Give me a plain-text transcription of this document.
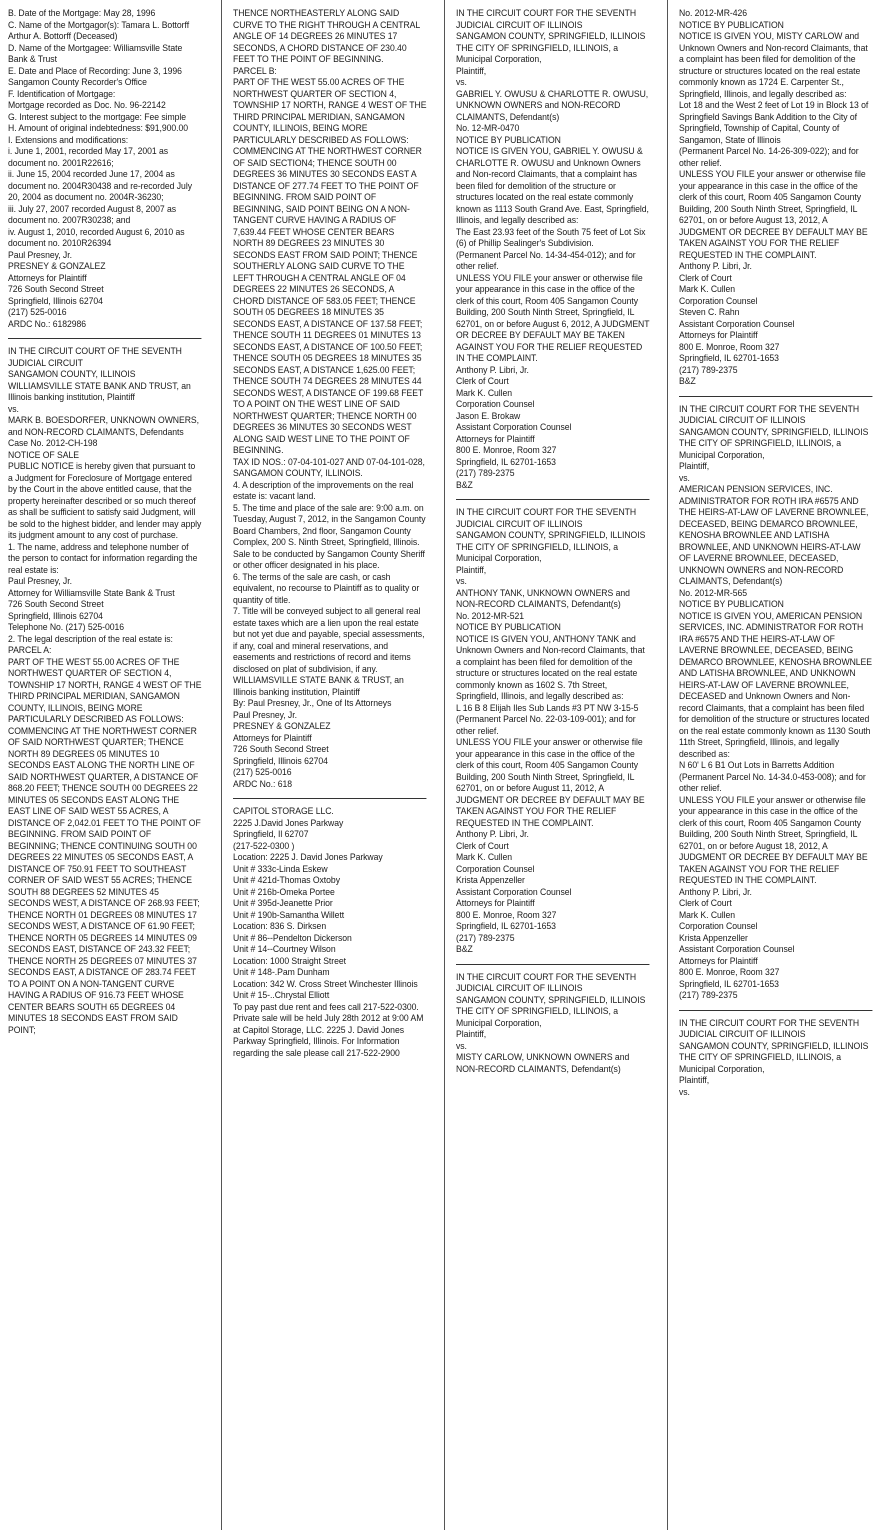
B. Date of the Mortgage: May 28, 1996
C. Name of the Mortgagor(s): Tamara L. Bottorff
Arthur A. Bottorff (Deceased)
D. Name of the Mortgagee: Williamsville State Bank & Trust
E. Date and Place of Recording: June 3, 1996
Sangamon County Recorder's Office
F. Identification of Mortgage:
Mortgage recorded as Doc. No. 96-22142
G. Interest subject to the mortgage: Fee simple
H. Amount of original indebtedness: $91,900.00
I. Extensions and modifications:
i. June 1, 2001, recorded May 17, 2001 as document no. 2001R22616;
ii. June 15, 2004 recorded June 17, 2004 as document no. 2004R30438 and re-recorded July 20, 2004 as document no. 2004R-36230;
iii. July 27, 2007 recorded August 8, 2007 as document no. 2007R30238; and
iv. August 1, 2010, recorded August 6, 2010 as document no. 2010R26394
Paul Presney, Jr.
PRESNEY & GONZALEZ
Attorneys for Plaintiff
726 South Second Street
Springfield, Illinois 62704
(217) 525-0016
ARDC No.: 6182986

IN THE CIRCUIT COURT OF THE SEVENTH JUDICIAL CIRCUIT
SANGAMON COUNTY, ILLINOIS
WILLIAMSVILLE STATE BANK AND TRUST, an Illinois banking institution, Plaintiff
vs.
MARK B. BOESDORFER, UNKNOWN OWNERS, and NON-RECORD CLAIMANTS, Defendants
Case No. 2012-CH-198
NOTICE OF SALE
PUBLIC NOTICE is hereby given that pursuant to a Judgment for Foreclosure of Mortgage entered by the Court in the above entitled cause, that the property hereinafter described or so much thereof as shall be sufficient to satisfy said Judgment, will be sold to the highest bidder, and lender may apply its judgment amount to any cost of purchase.
1. The name, address and telephone number of the person to contact for information regarding the real estate is:
Paul Presney, Jr.
Attorney for Williamsville State Bank & Trust
726 South Second Street
Springfield, Illinois 62704
Telephone No. (217) 525-0016
2. The legal description of the real estate is:
PARCEL A:
PART OF THE WEST 55.00 ACRES OF THE NORTHWEST QUARTER OF SECTION 4, TOWNSHIP 17 NORTH, RANGE 4 WEST OF THE THIRD PRINCIPAL MERIDIAN, SANGAMON COUNTY, ILLINOIS, BEING MORE PARTICULARLY DESCRIBED AS FOLLOWS:
COMMENCING AT THE NORTHWEST CORNER OF SAID NORTHWEST QUARTER; THENCE NORTH 89 DEGREES 05 MINUTES 10 SECONDS EAST ALONG THE NORTH LINE OF SAID NORTHWEST QUARTER, A DISTANCE OF 868.20 FEET; THENCE SOUTH 00 DEGREES 22 MINUTES 05 SECONDS EAST ALONG THE EAST LINE OF SAID WEST 55 ACRES, A DISTANCE OF 2,042.01 FEET TO THE POINT OF BEGINNING. FROM SAID POINT OF BEGINNING; THENCE CONTINUING SOUTH 00 DEGREES 22 MINUTES 05 SECONDS EAST, A DISTANCE OF 750.91 FEET TO SOUTHEAST CORNER OF SAID WEST 55 ACRES; THENCE SOUTH 88 DEGREES 52 MINUTES 45 SECONDS WEST, A DISTANCE OF 268.93 FEET; THENCE NORTH 01 DEGREES 08 MINUTES 17 SECONDS WEST, A DISTANCE OF 61.90 FEET; THENCE NORTH 05 DEGREES 14 MINUTES 09 SECONDS EAST, DISTANCE OF 243.32 FEET; THENCE NORTH 25 DEGREES 07 MINUTES 37 SECONDS EAST, A DISTANCE OF 283.74 FEET TO A POINT ON A NON-TANGENT CURVE HAVING A RADIUS OF 916.73 FEET WHOSE CENTER BEARS SOUTH 65 DEGREES 04 MINUTES 18 SECONDS EAST FROM SAID POINT;

THENCE NORTHEASTERLY ALONG SAID CURVE TO THE RIGHT THROUGH A CENTRAL ANGLE OF 14 DEGREES 26 MINUTES 17 SECONDS, A CHORD DISTANCE OF 230.40 FEET TO THE POINT OF BEGINNING.
PARCEL B:
PART OF THE WEST 55.00 ACRES OF THE NORTHWEST QUARTER OF SECTION 4, TOWNSHIP 17 NORTH, RANGE 4 WEST OF THE THIRD PRINCIPAL MERIDIAN, SANGAMON COUNTY, ILLINOIS, BEING MORE PARTICULARLY DESCRIBED AS FOLLOWS:
COMMENCING AT THE NORTHWEST CORNER OF SAID SECTION4; THENCE SOUTH 00 DEGREES 36 MINUTES 30 SECONDS EAST A DISTANCE OF 277.74 FEET TO THE POINT OF BEGINNING. FROM SAID POINT OF BEGINNING, SAID POINT BEING ON A NON-TANGENT CURVE HAVING A RADIUS OF 7,639.44 FEET WHOSE CENTER BEARS NORTH 89 DEGREES 23 MINUTES 30 SECONDS EAST FROM SAID POINT; THENCE SOUTHERLY ALONG SAID CURVE TO THE LEFT THROUGH A CENTRAL ANGLE OF 04 DEGREES 22 MINUTES 26 SECONDS, A CHORD DISTANCE OF 583.05 FEET; THENCE SOUTH 05 DEGREES 18 MINUTES 35 SECONDS EAST, A DISTANCE OF 137.58 FEET; THENCE SOUTH 11 DEGREES 01 MINUTES 13 SECONDS EAST, A DISTANCE OF 100.50 FEET; THENCE SOUTH 05 DEGREES 18 MINUTES 35 SECONDS EAST, A DISTANCE 1,625.00 FEET; THENCE SOUTH 74 DEGREES 28 MINUTES 44 SECONDS WEST, A DISTANCE OF 199.68 FEET TO A POINT ON THE WEST LINE OF SAID NORTHWEST QUARTER; THENCE NORTH 00 DEGREES 36 MINUTES 30 SECONDS WEST ALONG SAID WEST LINE TO THE POINT OF BEGINNING.
TAX ID NOS.: 07-04-101-027 AND 07-04-101-028, SANGAMON COUNTY, ILLINOIS.
4. A description of the improvements on the real estate is: vacant land.
5. The time and place of the sale are: 9:00 a.m. on Tuesday, August 7, 2012, in the Sangamon County Board Chambers, 2nd floor, Sangamon County Complex, 200 S. Ninth Street, Springfield, Illinois. Sale to be conducted by Sangamon County Sheriff or other officer designated in his place.
6. The terms of the sale are cash, or cash equivalent, no recourse to Plaintiff as to quality or quantity of title.
7. Title will be conveyed subject to all general real estate taxes which are a lien upon the real estate but not yet due and payable, special assessments, if any, coal and mineral reservations, and easements and restrictions of record and items disclosed on plat of subdivision, if any.
WILLIAMSVILLE STATE BANK & TRUST, an Illinois banking institution, Plaintiff
By: Paul Presney, Jr., One of Its Attorneys
Paul Presney, Jr.
PRESNEY & GONZALEZ
Attorneys for Plaintiff
726 South Second Street
Springfield, Illinois 62704
(217) 525-0016
ARDC No.: 618

CAPITOL STORAGE LLC.
2225 J.David Jones Parkway
Springfield, Il 62707
(217-522-0300 )
Location: 2225 J. David Jones Parkway
Unit # 333c-Linda Eskew
Unit # 421d-Thomas Oxtoby
Unit # 216b-Omeka Portee
Unit # 395d-Jeanette Prior
Unit # 190b-Samantha Willett
Location: 836 S. Dirksen
Unit # 86--Pendelton Dickerson
Unit # 14--Courtney Wilson
Location: 1000 Straight Street
Unit # 148-.Pam Dunham
Location: 342 W. Cross Street Winchester Illinois
Unit # 15-..Chrystal Elliott
To pay past due rent and fees call 217-522-0300. Private sale will be held July 28th 2012 at 9:00 AM at Capitol Storage, LLC. 2225 J. David Jones Parkway Springfield, Illinois. For Information regarding the sale please call 217-522-2900

IN THE CIRCUIT COURT FOR THE SEVENTH JUDICIAL CIRCUIT OF ILLINOIS
SANGAMON COUNTY, SPRINGFIELD, ILLINOIS
THE CITY OF SPRINGFIELD, ILLINOIS, a Municipal Corporation,
Plaintiff,
vs.
GABRIEL Y. OWUSU & CHARLOTTE R. OWUSU, UNKNOWN OWNERS and NON-RECORD CLAIMANTS, Defendant(s)
No. 12-MR-0470
NOTICE BY PUBLICATION
NOTICE IS GIVEN YOU, GABRIEL Y. OWUSU & CHARLOTTE R. OWUSU and Unknown Owners and Non-record Claimants, that a complaint has been filed for demolition of the structure or structures located on the real estate commonly known as 1113 South Grand Ave. East, Springfield, Illinois, and legally described as:
The East 23.93 feet of the South 75 feet of Lot Six (6) of Phillip Sealinger's Subdivision.
(Permanent Parcel No. 14-34-454-012); and for other relief.
UNLESS YOU FILE your answer or otherwise file your appearance in this case in the office of the clerk of this court, Room 405 Sangamon County Building, 200 South Ninth Street, Springfield, IL 62701, on or before August 6, 2012, A JUDGMENT OR DECREE BY DEFAULT MAY BE TAKEN AGAINST YOU FOR THE RELIEF REQUESTED IN THE COMPLAINT.
Anthony P. Libri, Jr.
Clerk of Court
Mark K. Cullen
Corporation Counsel
Jason E. Brokaw
Assistant Corporation Counsel
Attorneys for Plaintiff
800 E. Monroe, Room 327
Springfield, IL 62701-1653
(217) 789-2375
B&Z

IN THE CIRCUIT COURT FOR THE SEVENTH JUDICIAL CIRCUIT OF ILLINOIS
SANGAMON COUNTY, SPRINGFIELD, ILLINOIS
THE CITY OF SPRINGFIELD, ILLINOIS, a Municipal Corporation,
Plaintiff,
vs.
ANTHONY TANK, UNKNOWN OWNERS and NON-RECORD CLAIMANTS, Defendant(s)
No. 2012-MR-521
NOTICE BY PUBLICATION
NOTICE IS GIVEN YOU, ANTHONY TANK and Unknown Owners and Non-record Claimants, that a complaint has been filed for demolition of the structure or structures located on the real estate commonly known as 1602 S. 7th Street, Springfield, Illinois, and legally described as:
L 16 B 8 Elijah Iles Sub Lands #3 PT NW 3-15-5
(Permanent Parcel No. 22-03-109-001); and for other relief.
UNLESS YOU FILE your answer or otherwise file your appearance in this case in the office of the clerk of this court, Room 405 Sangamon County Building, 200 South Ninth Street, Springfield, IL 62701, on or before August 11, 2012, A JUDGMENT OR DECREE BY DEFAULT MAY BE TAKEN AGAINST YOU FOR THE RELIEF REQUESTED IN THE COMPLAINT.
Anthony P. Libri, Jr.
Clerk of Court
Mark K. Cullen
Corporation Counsel
Krista Appenzeller
Assistant Corporation Counsel
Attorneys for Plaintiff
800 E. Monroe, Room 327
Springfield, IL 62701-1653
(217) 789-2375
B&Z

IN THE CIRCUIT COURT FOR THE SEVENTH JUDICIAL CIRCUIT OF ILLINOIS
SANGAMON COUNTY, SPRINGFIELD, ILLINOIS
THE CITY OF SPRINGFIELD, ILLINOIS, a Municipal Corporation,
Plaintiff,
vs.
MISTY CARLOW, UNKNOWN OWNERS and NON-RECORD CLAIMANTS, Defendant(s)

No. 2012-MR-426
NOTICE BY PUBLICATION
NOTICE IS GIVEN YOU, MISTY CARLOW and Unknown Owners and Non-record Claimants, that a complaint has been filed for demolition of the structure or structures located on the real estate commonly known as 1724 E. Carpenter St., Springfield, Illinois, and legally described as:
Lot 18 and the West 2 feet of Lot 19 in Block 13 of Springfield Savings Bank Addition to the City of Springfield, Township of Capital, County of Sangamon, State of Illinois
(Permanent Parcel No. 14-26-309-022); and for other relief.
UNLESS YOU FILE your answer or otherwise file your appearance in this case in the office of the clerk of this court, Room 405 Sangamon County Building, 200 South Ninth Street, Springfield, IL 62701, on or before August 13, 2012, A JUDGMENT OR DECREE BY DEFAULT MAY BE TAKEN AGAINST YOU FOR THE RELIEF REQUESTED IN THE COMPLAINT.
Anthony P. Libri, Jr.
Clerk of Court
Mark K. Cullen
Corporation Counsel
Steven C. Rahn
Assistant Corporation Counsel
Attorneys for Plaintiff
800 E. Monroe, Room 327
Springfield, IL 62701-1653
(217) 789-2375
B&Z

IN THE CIRCUIT COURT FOR THE SEVENTH JUDICIAL CIRCUIT OF ILLINOIS
SANGAMON COUNTY, SPRINGFIELD, ILLINOIS
THE CITY OF SPRINGFIELD, ILLINOIS, a Municipal Corporation,
Plaintiff,
vs.
AMERICAN PENSION SERVICES, INC. ADMINISTRATOR FOR ROTH IRA #6575 AND THE HEIRS-AT-LAW OF LAVERNE BROWNLEE, DECEASED, BEING DEMARCO BROWNLEE, KENOSHA BROWNLEE AND LATISHA BROWNLEE, AND UNKNOWN HEIRS-AT-LAW OF LAVERNE BROWNLEE, DECEASED, UNKNOWN OWNERS and NON-RECORD CLAIMANTS, Defendant(s)
No. 2012-MR-565
NOTICE BY PUBLICATION
NOTICE IS GIVEN YOU, AMERICAN PENSION SERVICES, INC. ADMINISTRATOR FOR ROTH IRA #6575 AND THE HEIRS-AT-LAW OF LAVERNE BROWNLEE, DECEASED, BEING DEMARCO BROWNLEE, KENOSHA BROWNLEE AND LATISHA BROWNLEE, AND UNKNOWN HEIRS-AT-LAW OF LAVERNE BROWNLEE, DECEASED and Unknown Owners and Non-record Claimants, that a complaint has been filed for demolition of the structure or structures located on the real estate commonly known as 1130 South 11th Street, Springfield, Illinois, and legally described as:
N 60' L 6 B1 Out Lots in Barretts Addition (Permanent Parcel No. 14-34.0-453-008); and for other relief.
UNLESS YOU FILE your answer or otherwise file your appearance in this case in the office of the clerk of this court, Room 405 Sangamon County Building, 200 South Ninth Street, Springfield, IL 62701, on or before August 18, 2012, A JUDGMENT OR DECREE BY DEFAULT MAY BE TAKEN AGAINST YOU FOR THE RELIEF REQUESTED IN THE COMPLAINT.
Anthony P. Libri, Jr.
Clerk of Court
Mark K. Cullen
Corporation Counsel
Krista Appenzeller
Assistant Corporation Counsel
Attorneys for Plaintiff
800 E. Monroe, Room 327
Springfield, IL 62701-1653
(217) 789-2375

IN THE CIRCUIT COURT FOR THE SEVENTH JUDICIAL CIRCUIT OF ILLINOIS
SANGAMON COUNTY, SPRINGFIELD, ILLINOIS
THE CITY OF SPRINGFIELD, ILLINOIS, a Municipal Corporation,
Plaintiff,
vs.
